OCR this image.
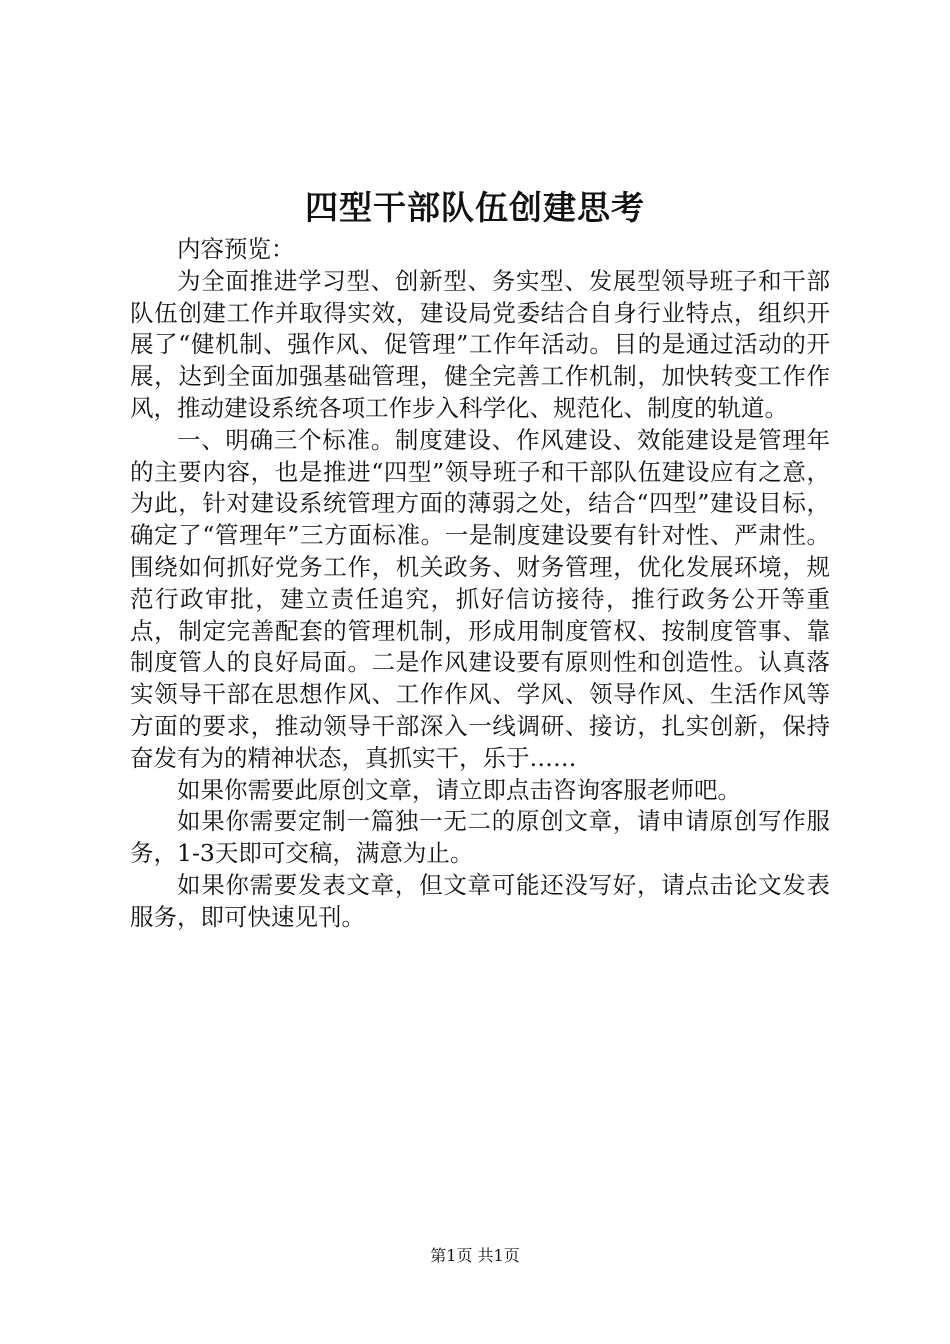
四型干部队伍创建思考

内容预览：

为全面推进学习型、创新型、务实型、发展型领导班子和干部队伍创建工作并取得实效，建设局党委结合自身行业特点，组织开展了“健机制、强作风、促管理”工作年活动。目的是通过活动的开展，达到全面加强基础管理，健全完善工作机制，加快转变工作作风，推动建设系统各项工作步入科学化、规范化、制度的轨道。

一、明确三个标准。制度建设、作风建设、效能建设是管理年的主要内容，也是推进“四型”领导班子和干部队伍建设应有之意，为此，针对建设系统管理方面的薄弱之处，结合“四型”建设目标，确定了“管理年”三方面标准。一是制度建设要有针对性、严肃性。围绕如何抓好党务工作，机关政务、财务管理，优化发展环境，规范行政审批，建立责任追究，抓好信访接待，推行政务公开等重点，制定完善配套的管理机制，形成用制度管权、按制度管事、靠制度管人的良好局面。二是作风建设要有原则性和创造性。认真落实领导干部在思想作风、工作作风、学风、领导作风、生活作风等方面的要求，推动领导干部深入一线调研、接访，扎实创新，保持奋发有为的精神状态，真抓实干，乐于……

如果你需要此原创文章，请立即点击咨询客服老师吧。

如果你需要定制一篇独一无二的原创文章，请申请原创写作服务，1-3天即可交稿，满意为止。

如果你需要发表文章，但文章可能还没写好，请点击论文发表服务，即可快速见刊。

第1页 共1页
